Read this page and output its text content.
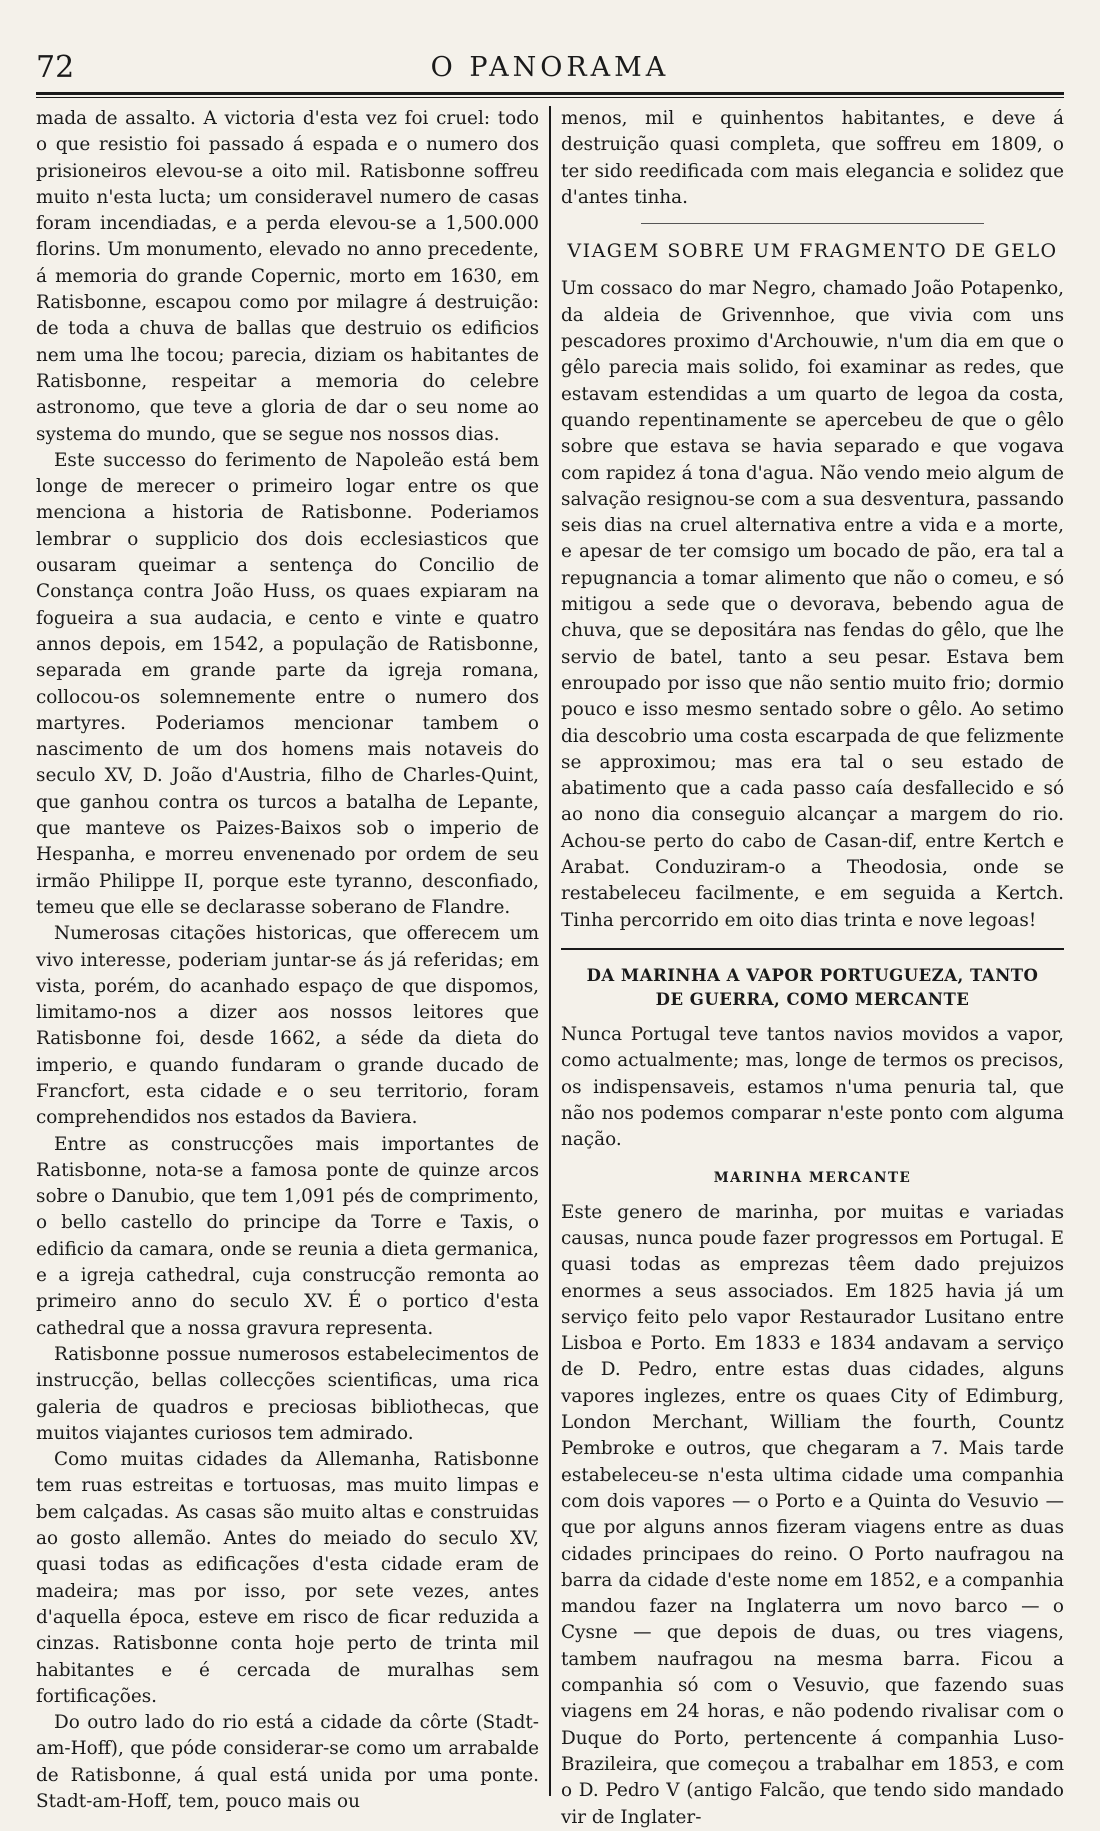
72	O PANORAMA

mada de assalto. A victoria d'esta vez foi cruel: todo o que resistio foi passado á espada e o numero dos prisioneiros elevou-se a oito mil. Ratisbonne soffreu muito n'esta lucta; um consideravel numero de casas foram incendiadas, e a perda elevou-se a 1,500.000 florins. Um monumento, elevado no anno precedente, á memoria do grande Copernic, morto em 1630, em Ratisbonne, escapou como por milagre á destruição: de toda a chuva de ballas que destruio os edificios nem uma lhe tocou; parecia, diziam os habitantes de Ratisbonne, respeitar a memoria do celebre astronomo, que teve a gloria de dar o seu nome ao systema do mundo, que se segue nos nossos dias.

Este successo do ferimento de Napoleão está bem longe de merecer o primeiro logar entre os que menciona a historia de Ratisbonne. Poderiamos lembrar o supplicio dos dois ecclesiasticos que ousaram queimar a sentença do Concilio de Constança contra João Huss, os quaes expiaram na fogueira a sua audacia, e cento e vinte e quatro annos depois, em 1542, a população de Ratisbonne, separada em grande parte da igreja romana, collocou-os solemnemente entre o numero dos martyres. Poderiamos mencionar tambem o nascimento de um dos homens mais notaveis do seculo XV, D. João d'Austria, filho de Charles-Quint, que ganhou contra os turcos a batalha de Lepante, que manteve os Paizes-Baixos sob o imperio de Hespanha, e morreu envenenado por ordem de seu irmão Philippe II, porque este tyranno, desconfiado, temeu que elle se declarasse soberano de Flandre.

Numerosas citações historicas, que offerecem um vivo interesse, poderiam juntar-se ás já referidas; em vista, porém, do acanhado espaço de que dispomos, limitamo-nos a dizer aos nossos leitores que Ratisbonne foi, desde 1662, a séde da dieta do imperio, e quando fundaram o grande ducado de Francfort, esta cidade e o seu territorio, foram comprehendidos nos estados da Baviera.

Entre as construcções mais importantes de Ratisbonne, nota-se a famosa ponte de quinze arcos sobre o Danubio, que tem 1,091 pés de comprimento, o bello castello do principe da Torre e Taxis, o edificio da camara, onde se reunia a dieta germanica, e a igreja cathedral, cuja construcção remonta ao primeiro anno do seculo XV. É o portico d'esta cathedral que a nossa gravura representa.

Ratisbonne possue numerosos estabelecimentos de instrucção, bellas collecções scientificas, uma rica galeria de quadros e preciosas bibliothecas, que muitos viajantes curiosos tem admirado.

Como muitas cidades da Allemanha, Ratisbonne tem ruas estreitas e tortuosas, mas muito limpas e bem calçadas. As casas são muito altas e construidas ao gosto allemão. Antes do meiado do seculo XV, quasi todas as edificações d'esta cidade eram de madeira; mas por isso, por sete vezes, antes d'aquella época, esteve em risco de ficar reduzida a cinzas. Ratisbonne conta hoje perto de trinta mil habitantes e é cercada de muralhas sem fortificações.

Do outro lado do rio está a cidade da côrte (Stadt-am-Hoff), que póde considerar-se como um arrabalde de Ratisbonne, á qual está unida por uma ponte. Stadt-am-Hoff, tem, pouco mais ou

menos, mil e quinhentos habitantes, e deve á destruição quasi completa, que soffreu em 1809, o ter sido reedificada com mais elegancia e solidez que d'antes tinha.

VIAGEM SOBRE UM FRAGMENTO DE GELO

Um cossaco do mar Negro, chamado João Potapenko, da aldeia de Grivennhoe, que vivia com uns pescadores proximo d'Archouwie, n'um dia em que o gêlo parecia mais solido, foi examinar as redes, que estavam estendidas a um quarto de legoa da costa, quando repentinamente se apercebeu de que o gêlo sobre que estava se havia separado e que vogava com rapidez á tona d'agua. Não vendo meio algum de salvação resignou-se com a sua desventura, passando seis dias na cruel alternativa entre a vida e a morte, e apesar de ter comsigo um bocado de pão, era tal a repugnancia a tomar alimento que não o comeu, e só mitigou a sede que o devorava, bebendo agua de chuva, que se depositára nas fendas do gêlo, que lhe servio de batel, tanto a seu pesar. Estava bem enroupado por isso que não sentio muito frio; dormio pouco e isso mesmo sentado sobre o gêlo. Ao setimo dia descobrio uma costa escarpada de que felizmente se approximou; mas era tal o seu estado de abatimento que a cada passo caía desfallecido e só ao nono dia conseguio alcançar a margem do rio. Achou-se perto do cabo de Casan-dif, entre Kertch e Arabat. Conduziram-o a Theodosia, onde se restabeleceu facilmente, e em seguida a Kertch. Tinha percorrido em oito dias trinta e nove legoas!

DA MARINHA A VAPOR PORTUGUEZA, TANTO DE GUERRA, COMO MERCANTE

Nunca Portugal teve tantos navios movidos a vapor, como actualmente; mas, longe de termos os precisos, os indispensaveis, estamos n'uma penuria tal, que não nos podemos comparar n'este ponto com alguma nação.

MARINHA MERCANTE

Este genero de marinha, por muitas e variadas causas, nunca poude fazer progressos em Portugal. E quasi todas as emprezas têem dado prejuizos enormes a seus associados. Em 1825 havia já um serviço feito pelo vapor Restaurador Lusitano entre Lisboa e Porto. Em 1833 e 1834 andavam a serviço de D. Pedro, entre estas duas cidades, alguns vapores inglezes, entre os quaes City of Edimburg, London Merchant, William the fourth, Countz Pembroke e outros, que chegaram a 7. Mais tarde estabeleceu-se n'esta ultima cidade uma companhia com dois vapores — o Porto e a Quinta do Vesuvio — que por alguns annos fizeram viagens entre as duas cidades principaes do reino. O Porto naufragou na barra da cidade d'este nome em 1852, e a companhia mandou fazer na Inglaterra um novo barco — o Cysne — que depois de duas, ou tres viagens, tambem naufragou na mesma barra. Ficou a companhia só com o Vesuvio, que fazendo suas viagens em 24 horas, e não podendo rivalisar com o Duque do Porto, pertencente á companhia Luso-Brazileira, que começou a trabalhar em 1853, e com o D. Pedro V (antigo Falcão, que tendo sido mandado vir de Inglater-
